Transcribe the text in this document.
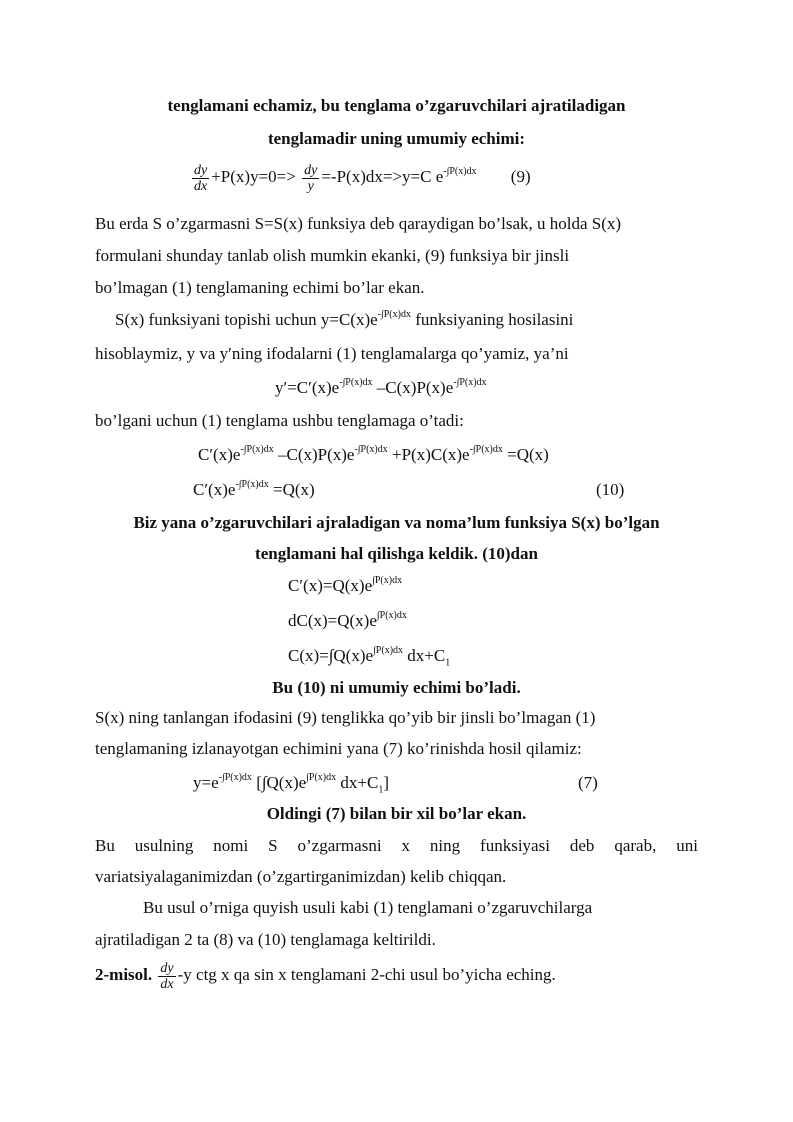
tenglamani echamiz, bu tenglama o’zgaruvchilari ajratiladigan
tenglamadir uning umumiy echimi:
$\frac{dy}{dx} +P(x)y=0=> \frac{dy}{y} =-P(x)dx=>y=C$ $e^{-\int P(x)dx}$ (9)
Bu erda S o’zgarmasni S=S(x) funksiya deb qaraydigan bo’lsak, u holda S(x)
formulani shunday tanlab olish mumkin ekanki, (9) funksiya bir jinsli
bo’lmagan (1) tenglamaning echimi bo’lar ekan.
S(x) funksiyani topishi uchun $y=C(x)e^{-\int P(x)dx}$ funksiyaning hosilasini
hisoblaymiz, y va y′ning ifodalarni (1) tenglamalarga qo’yamiz, ya’ni
$y'=C'(x)e^{-\int P(x)dx}$ $-C(x)P(x)e^{-\int P(x)dx}$
bo’lgani uchun (1) tenglama ushbu tenglamaga o’tadi:
$C'(x)e^{-\int P(x)dx}$ $-C(x)P(x)e^{-\int P(x)dx} +P(x)C(x)e^{-\int P(x)dx} =Q(x)$
$C'(x)e^{-\int P(x)dx} =Q(x)$	(10)
Biz yana o’zgaruvchilari ajraladigan va noma’lum funksiya S(x) bo’lgan
tenglamani hal qilishga keldik. (10)dan
$C'(x)=Q(x)e^{\int P(x)dx}$
$dC(x)=Q(x)e^{\int P(x)dx}$
$C(x)=\int Q(x)e^{\int P(x)dx}$ $dx+C_1$
Bu (10) ni umumiy echimi bo’ladi.
S(x) ning tanlangan ifodasini (9) tenglikka qo’yib bir jinsli bo’lmagan (1)
tenglamaning izlanayotgan echimini yana (7) ko’rinishda hosil qilamiz:
$y=e^{-\int P(x)dx}$ [$\int Q(x)e^{\int P(x)dx}$ $dx+C_1$]	(7)
Oldingi (7) bilan bir xil bo’lar ekan.
Bu usulning nomi S o’zgarmasni x ning funksiyasi deb qarab, uni
variatsiyalaganimizdan (o’zgartirganimizdan) kelib chiqqan.
Bu usul o’rniga quyish usuli kabi (1) tenglamani o’zgaruvchilarga
ajratiladigan 2 ta (8) va (10) tenglamaga keltirildi.
2-misol. $\frac{dy}{dx} -y$ ctg x qa sin x tenglamani 2-chi usul bo’yicha eching.
